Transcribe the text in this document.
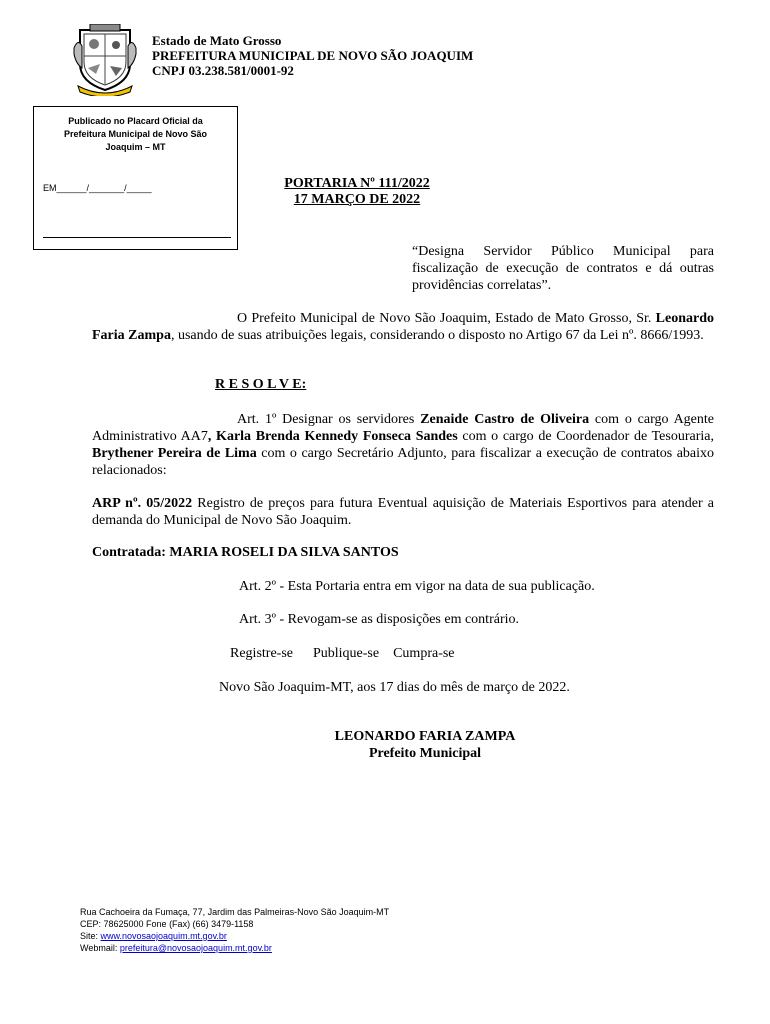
Estado de Mato Grosso
PREFEITURA MUNICIPAL DE NOVO SÃO JOAQUIM
CNPJ 03.238.581/0001-92
Publicado no Placard Oficial da Prefeitura Municipal de Novo São Joaquim – MT
EM______/_______/_____	PORTARIA Nº 111/2022
17 MARÇO DE 2022
“Designa Servidor Público Municipal para fiscalização de execução de contratos e dá outras providências correlatas”.
O Prefeito Municipal de Novo São Joaquim, Estado de Mato Grosso, Sr. Leonardo Faria Zampa, usando de suas atribuições legais, considerando o disposto no Artigo 67 da Lei nº. 8666/1993.
R E S O L V E:
Art. 1º Designar os servidores Zenaide Castro de Oliveira com o cargo Agente Administrativo AA7, Karla Brenda Kennedy Fonseca Sandes com o cargo de Coordenador de Tesouraria, Brythener Pereira de Lima com o cargo Secretário Adjunto, para fiscalizar a execução de contratos abaixo relacionados:
ARP nº. 05/2022 Registro de preços para futura Eventual aquisição de Materiais Esportivos para atender a demanda do Municipal de Novo São Joaquim.
Contratada: MARIA ROSELI DA SILVA SANTOS
Art. 2º - Esta Portaria entra em vigor na data de sua publicação.
Art. 3º - Revogam-se as disposições em contrário.
Registre-se Publique-se Cumpra-se
Novo São Joaquim-MT, aos 17 dias do mês de março de 2022.
LEONARDO FARIA ZAMPA
Prefeito Municipal
Rua Cachoeira da Fumaça, 77, Jardim das Palmeiras-Novo São Joaquim-MT
CEP: 78625000 Fone (Fax) (66) 3479-1158
Site: www.novosaojoaquim.mt.gov.br
Webmail: prefeitura@novosaojoaquim.mt.gov.br
